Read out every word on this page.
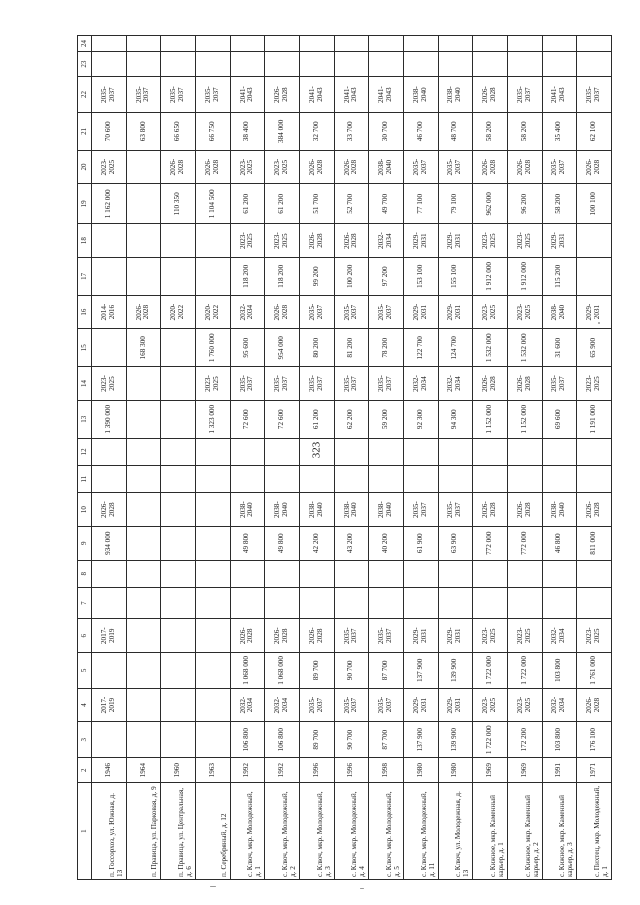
323
1	2	3	4	5	6	7	8	9	10	11	12	13	14	15	16	17	18	19	20	21	22	23	24
п. Госсорхоз, ул. Южная, д. 13	1946		2017-2019		2017-2019			934 000	2026-2028			1 390 000	2023-2025		2014-2016			1 162 000	2023-2025	70 600	2035-2037		
п. Правица, ул. Парковая, д. 9	1964													168 300	2026-2028					63 800	2035-2037		
п. Правица, ул. Центральная, д. 6	1960														2020-2022			110 350	2026-2028	66 650	2035-2037		
п. Серебряный, д. 12	1963											1 323 000	2023-2025	1 760 000	2020-2022			1 104 500	2026-2028	66 750	2035-2037		
с. Ключ, мкр. Молодежный, д. 1	1992	106 800	2032-2034	1 068 000	2026-2028			49 800	2038-2040			72 600	2035-2037	95 600	2032-2034	118 200	2023-2025	61 200	2023-2025	38 400	2041-2043		
с. Ключ, мкр. Молодежный, д. 2	1992	106 800	2032-2034	1 068 000	2026-2028			49 800	2038-2040			72 600	2035-2037	954 000	2026-2028	118 200	2023-2025	61 200	2023-2025	384 000	2026-2028		
с. Ключ, мкр. Молодежный, д. 3	1996	89 700	2035-2037	89 700	2026-2028			42 200	2038-2040			61 200	2035-2037	80 200	2035-2037	99 200	2026-2028	51 700	2026-2028	32 700	2041-2043		
с. Ключ, мкр. Молодежный, д. 4	1996	90 700	2035-2037	90 700	2035-2037			43 200	2038-2040			62 200	2035-2037	81 200	2035-2037	100 200	2026-2028	52 700	2026-2028	33 700	2041-2043		
с. Ключ, мкр. Молодежный, д. 5	1998	87 700	2035-2037	87 700	2035-2037			40 200	2038-2040			59 200	2035-2037	78 200	2035-2037	97 200	2032-2034	49 700	2038-2040	30 700	2041-2043		
с. Ключ, мкр. Молодежный, д. 11	1980	137 900	2029-2031	137 900	2029-2031			61 900	2035-2037			92 300	2032-2034	122 700	2029-2031	153 100	2029-2031	77 100	2035-2037	46 700	2038-2040		
с. Ключ, ул. Молодежная, д. 13	1980	139 900	2029-2031	139 900	2029-2031			63 900	2035-2037			94 300	2032-2034	124 700	2029-2031	155 100	2029-2031	79 100	2035-2037	48 700	2038-2040		
с. Кижное, мкр. Каменный карьер, д. 1	1969	1 722 000	2023-2025	1 722 000	2023-2025			772 000	2026-2028			1 152 000	2026-2028	1 532 000	2023-2025	1 912 000	2023-2025	962 000	2026-2028	58 200	2026-2028		
с. Кижное, мкр. Каменный карьер, д. 2	1969	172 200	2023-2025	1 722 000	2023-2025			772 000	2026-2028			1 152 000	2026-2028	1 532 000	2023-2025	1 912 000	2023-2025	96 200	2026-2028	58 200	2035-2037		
с. Кижное, мкр. Каменный карьер, д. 3	1991	103 800	2032-2034	103 800	2032-2034			46 800	2038-2040			69 600	2035-2037	31 600	2038-2040	115 200	2029-2031	58 200	2035-2037	35 400	2041-2043		
с. Пихтец, мкр. Молодежный, д. 1	1971	176 100	2026-2028	1 761 000	2023-2025			811 000	2026-2028			1 191 000	2023-2025	65 900	2029-2031			100 100	2026-2028	62 100	2035-2037		
